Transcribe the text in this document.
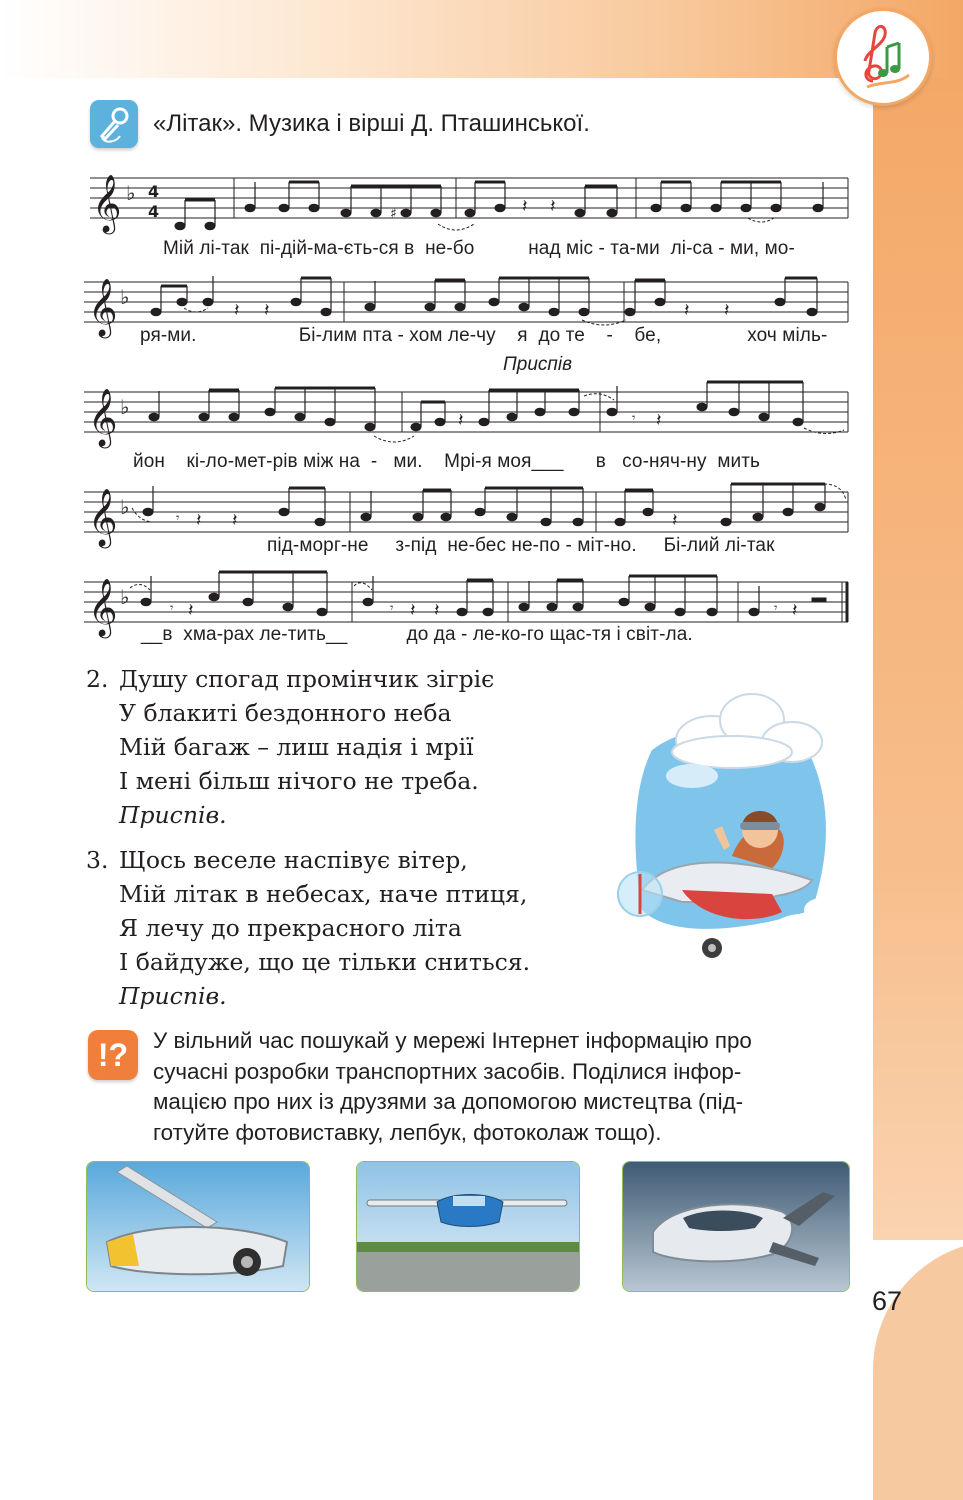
«Літак». Музика і вірші Д. Пташинської.
𝄞 ♭ 4
4	♯	𝄽 𝄽
Мій лі-так  пі-дій-ма-єть-ся в  не-бо          над міс - та-ми  лі-са - ми, мо-
𝄞 ♭
𝄽 𝄽	𝄽 𝄽
ря-ми.                   Бі-лим пта - хом ле-чу    я  до те    -    бе,                хоч міль-
Приспів
𝄞 ♭
𝄽	𝄾 𝄽
йон    кі-ло-мет-рів між на  -   ми.    Мрі-я моя___      в   со-няч-ну  мить
𝄞 ♭	𝄾 𝄽 𝄽	𝄽
під-морг-не     з-під  не-бес не-по - міт-но.     Бі-лий лі-так
𝄞 ♭	𝄾 𝄽	𝄾 𝄽 𝄽	𝄾 𝄽
__в  хма-рах ле-тить__           до да - ле-ко-го щас-тя і світ-ла.
2. Душу спогад промінчик зігріє
У блакиті бездонного неба
Мій багаж – лиш надія і мрії
І мені більш нічого не треба.
Приспів.
3. Щось веселе наспівує вітер,
Мій літак в небесах, наче птиця,
Я лечу до прекрасного літа
І байдуже, що це тільки сниться.
Приспів.
!?	У вільний час пошукай у мережі Інтернет інформацію про
сучасні розробки транспортних засобів. Поділися інфор-
мацією про них із друзями за допомогою мистецтва (під-
готуйте фотовиставку, лепбук, фотоколаж тощо).
67
